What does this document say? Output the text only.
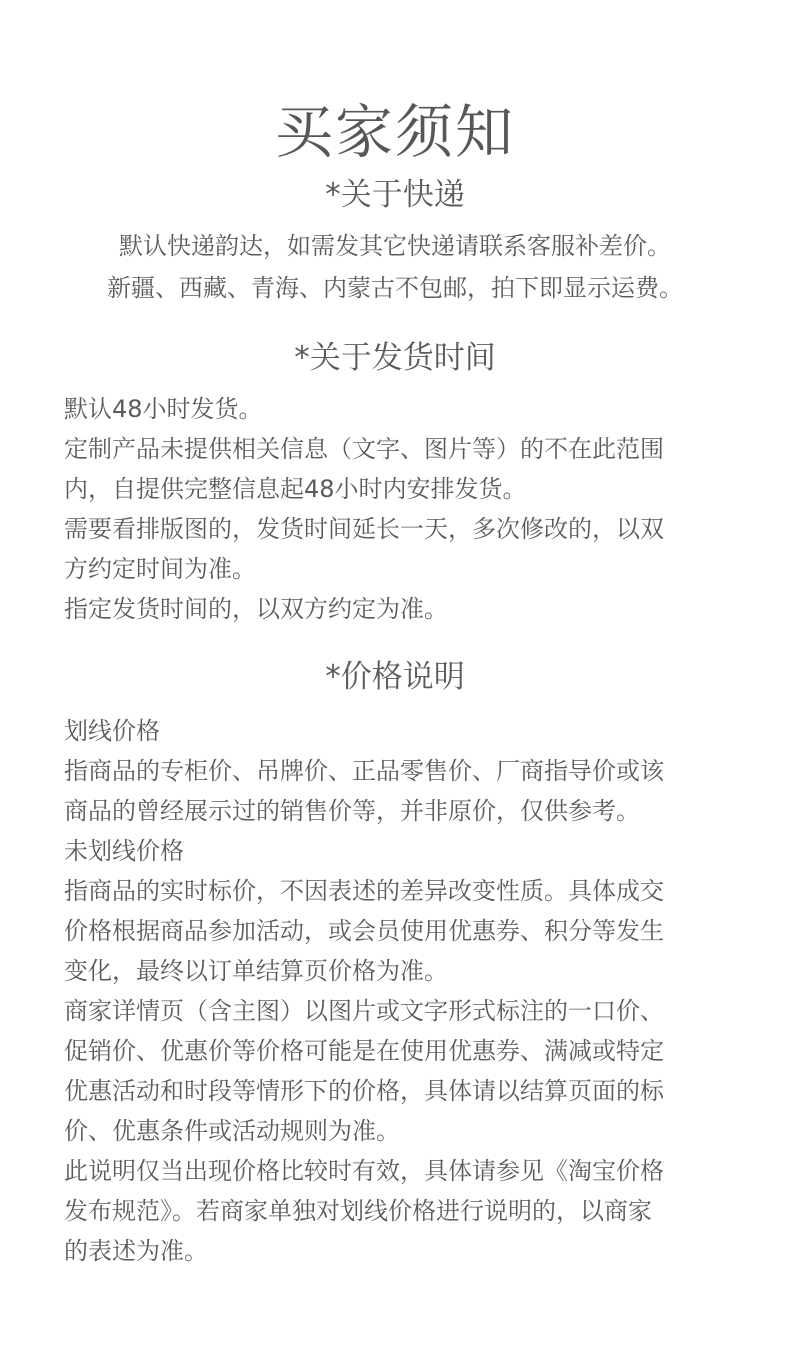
买家须知
*关于快递
默认快递韵达，如需发其它快递请联系客服补差价。
新疆、西藏、青海、内蒙古不包邮，拍下即显示运费。
*关于发货时间
默认48小时发货。
定制产品未提供相关信息（文字、图片等）的不在此范围
内，自提供完整信息起48小时内安排发货。
需要看排版图的，发货时间延长一天，多次修改的，以双
方约定时间为准。
指定发货时间的，以双方约定为准。
*价格说明
划线价格
指商品的专柜价、吊牌价、正品零售价、厂商指导价或该
商品的曾经展示过的销售价等，并非原价，仅供参考。
未划线价格
指商品的实时标价，不因表述的差异改变性质。具体成交
价格根据商品参加活动，或会员使用优惠券、积分等发生
变化，最终以订单结算页价格为准。
商家详情页（含主图）以图片或文字形式标注的一口价、
促销价、优惠价等价格可能是在使用优惠券、满减或特定
优惠活动和时段等情形下的价格，具体请以结算页面的标
价、优惠条件或活动规则为准。
此说明仅当出现价格比较时有效，具体请参见《淘宝价格
发布规范》。若商家单独对划线价格进行说明的，以商家
的表述为准。
